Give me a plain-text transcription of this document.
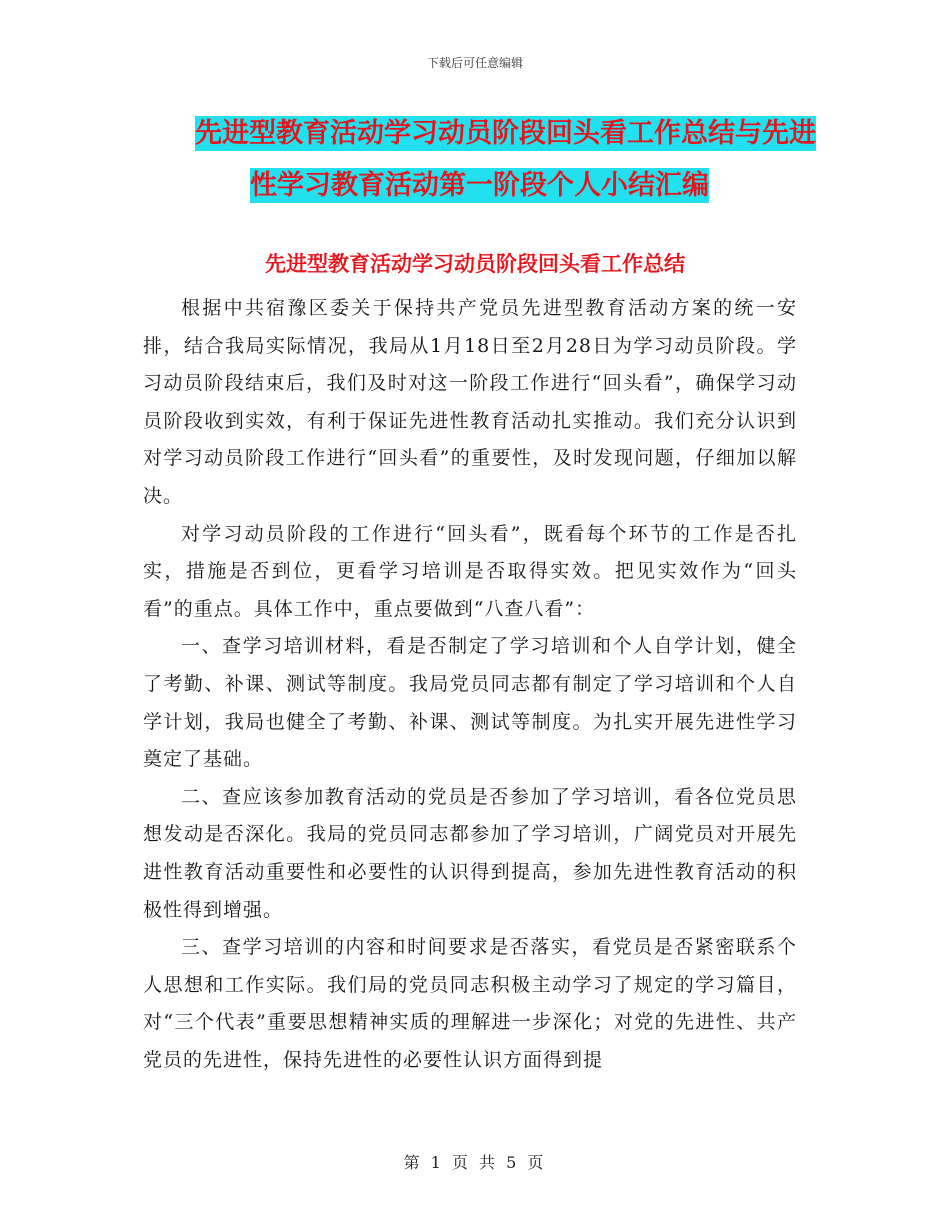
下载后可任意编辑
先进型教育活动学习动员阶段回头看工作总结与先进
性学习教育活动第一阶段个人小结汇编
先进型教育活动学习动员阶段回头看工作总结

根据中共宿豫区委关于保持共产党员先进型教育活动方案的统一安排，结合我局实际情况，我局从1月18日至2月28日为学习动员阶段。学习动员阶段结束后，我们及时对这一阶段工作进行“回头看”，确保学习动员阶段收到实效，有利于保证先进性教育活动扎实推动。我们充分认识到对学习动员阶段工作进行“回头看”的重要性，及时发现问题，仔细加以解决。

对学习动员阶段的工作进行“回头看”，既看每个环节的工作是否扎实，措施是否到位，更看学习培训是否取得实效。把见实效作为“回头看”的重点。具体工作中，重点要做到“八查八看”：

一、查学习培训材料，看是否制定了学习培训和个人自学计划，健全了考勤、补课、测试等制度。我局党员同志都有制定了学习培训和个人自学计划，我局也健全了考勤、补课、测试等制度。为扎实开展先进性学习奠定了基础。

二、查应该参加教育活动的党员是否参加了学习培训，看各位党员思想发动是否深化。我局的党员同志都参加了学习培训，广阔党员对开展先进性教育活动重要性和必要性的认识得到提高，参加先进性教育活动的积极性得到增强。

三、查学习培训的内容和时间要求是否落实，看党员是否紧密联系个人思想和工作实际。我们局的党员同志积极主动学习了规定的学习篇目，对“三个代表”重要思想精神实质的理解进一步深化；对党的先进性、共产党员的先进性，保持先进性的必要性认识方面得到提

第 1 页 共 5 页
